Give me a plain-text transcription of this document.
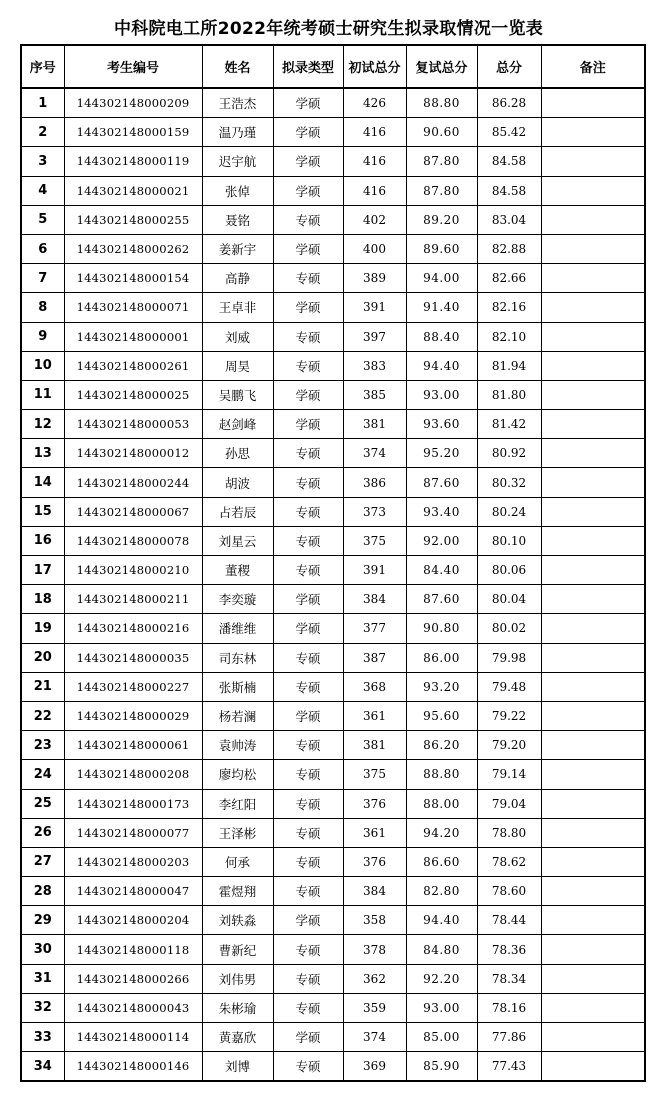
中科院电工所2022年统考硕士研究生拟录取情况一览表
序号	考生编号	姓名	拟录类型	初试总分	复试总分	总分	备注
1	144302148000209	王浩杰	学硕	426	88.80	86.28	
2	144302148000159	温乃瑾	学硕	416	90.60	85.42	
3	144302148000119	迟宇航	学硕	416	87.80	84.58	
4	144302148000021	张倬	学硕	416	87.80	84.58	
5	144302148000255	聂铭	专硕	402	89.20	83.04	
6	144302148000262	姜新宇	学硕	400	89.60	82.88	
7	144302148000154	高静	专硕	389	94.00	82.66	
8	144302148000071	王卓非	学硕	391	91.40	82.16	
9	144302148000001	刘威	专硕	397	88.40	82.10	
10	144302148000261	周昊	专硕	383	94.40	81.94	
11	144302148000025	吴鹏飞	学硕	385	93.00	81.80	
12	144302148000053	赵剑峰	学硕	381	93.60	81.42	
13	144302148000012	孙思	专硕	374	95.20	80.92	
14	144302148000244	胡波	专硕	386	87.60	80.32	
15	144302148000067	占若辰	专硕	373	93.40	80.24	
16	144302148000078	刘星云	专硕	375	92.00	80.10	
17	144302148000210	董稷	专硕	391	84.40	80.06	
18	144302148000211	李奕璇	学硕	384	87.60	80.04	
19	144302148000216	潘维维	学硕	377	90.80	80.02	
20	144302148000035	司东林	专硕	387	86.00	79.98	
21	144302148000227	张斯楠	专硕	368	93.20	79.48	
22	144302148000029	杨若澜	学硕	361	95.60	79.22	
23	144302148000061	袁帅涛	专硕	381	86.20	79.20	
24	144302148000208	廖均松	专硕	375	88.80	79.14	
25	144302148000173	李红阳	专硕	376	88.00	79.04	
26	144302148000077	王泽彬	专硕	361	94.20	78.80	
27	144302148000203	何承	专硕	376	86.60	78.62	
28	144302148000047	霍煜翔	专硕	384	82.80	78.60	
29	144302148000204	刘轶淼	学硕	358	94.40	78.44	
30	144302148000118	曹新纪	专硕	378	84.80	78.36	
31	144302148000266	刘伟男	专硕	362	92.20	78.34	
32	144302148000043	朱彬瑜	专硕	359	93.00	78.16	
33	144302148000114	黄嘉欣	学硕	374	85.00	77.86	
34	144302148000146	刘博	专硕	369	85.90	77.43	
